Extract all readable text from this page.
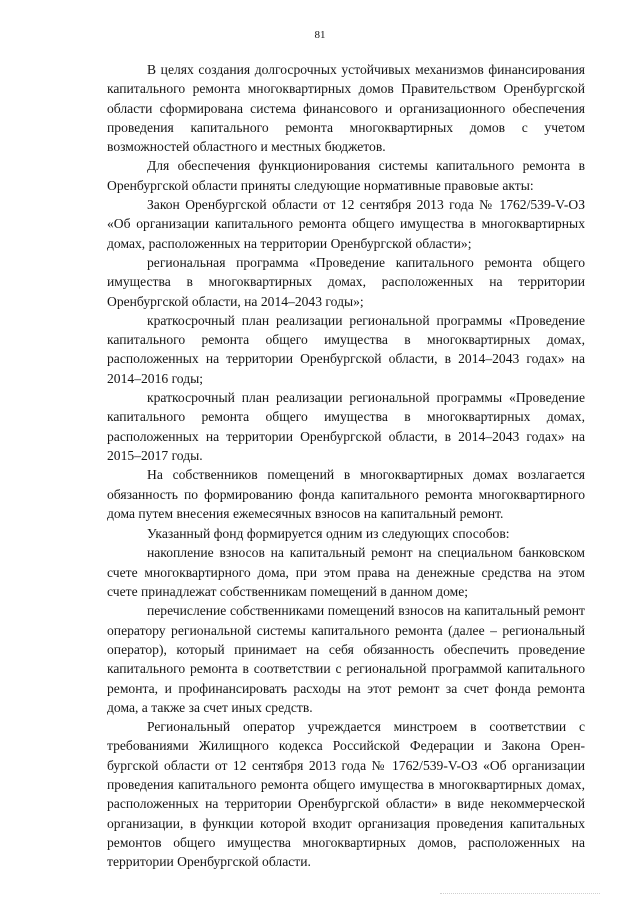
81

В целях создания долгосрочных устойчивых механизмов финансирования капитального ремонта многоквартирных домов Правительством Оренбургской области сформирована система финансового и организационного обеспечения проведения капитального ремонта многоквартирных домов с учетом возможностей областного и местных бюджетов.

Для обеспечения функционирования системы капитального ремонта в Оренбургской области приняты следующие нормативные правовые акты:

Закон Оренбургской области от 12 сентября 2013 года № 1762/539-V-ОЗ «Об организации капитального ремонта общего имущества в многоквартирных домах, расположенных на территории Оренбургской области»;

региональная программа «Проведение капитального ремонта общего имущества в многоквартирных домах, расположенных на территории Оренбургской области, на 2014–2043 годы»;

краткосрочный план реализации региональной программы «Проведение капитального ремонта общего имущества в многоквартирных домах, расположенных на территории Оренбургской области, в 2014–2043 годах» на 2014–2016 годы;

краткосрочный план реализации региональной программы «Проведение капитального ремонта общего имущества в многоквартирных домах, расположенных на территории Оренбургской области, в 2014–2043 годах» на 2015–2017 годы.

На собственников помещений в многоквартирных домах возлагается обязанность по формированию фонда капитального ремонта многоквартирного дома путем внесения ежемесячных взносов на капитальный ремонт.

Указанный фонд формируется одним из следующих способов:

накопление взносов на капитальный ремонт на специальном банковском счете многоквартирного дома, при этом права на денежные средства на этом счете принадлежат собственникам помещений в данном доме;

перечисление собственниками помещений взносов на капитальный ремонт оператору региональной системы капитального ремонта (далее – региональный оператор), который принимает на себя обязанность обеспечить проведение капитального ремонта в соответствии с региональной программой капитального ремонта, и профинансировать расходы на этот ремонт за счет фонда ремонта дома, а также за счет иных средств.

Региональный оператор учреждается минстроем в соответствии с требованиями Жилищного кодекса Российской Федерации и Закона Оренбургской области от 12 сентября 2013 года № 1762/539-V-ОЗ «Об организации проведения капитального ремонта общего имущества в многоквартирных домах, расположенных на территории Оренбургской области» в виде некоммерческой организации, в функции которой входит организация проведения капитальных ремонтов общего имущества многоквартирных домов, расположенных на территории Оренбургской области.
